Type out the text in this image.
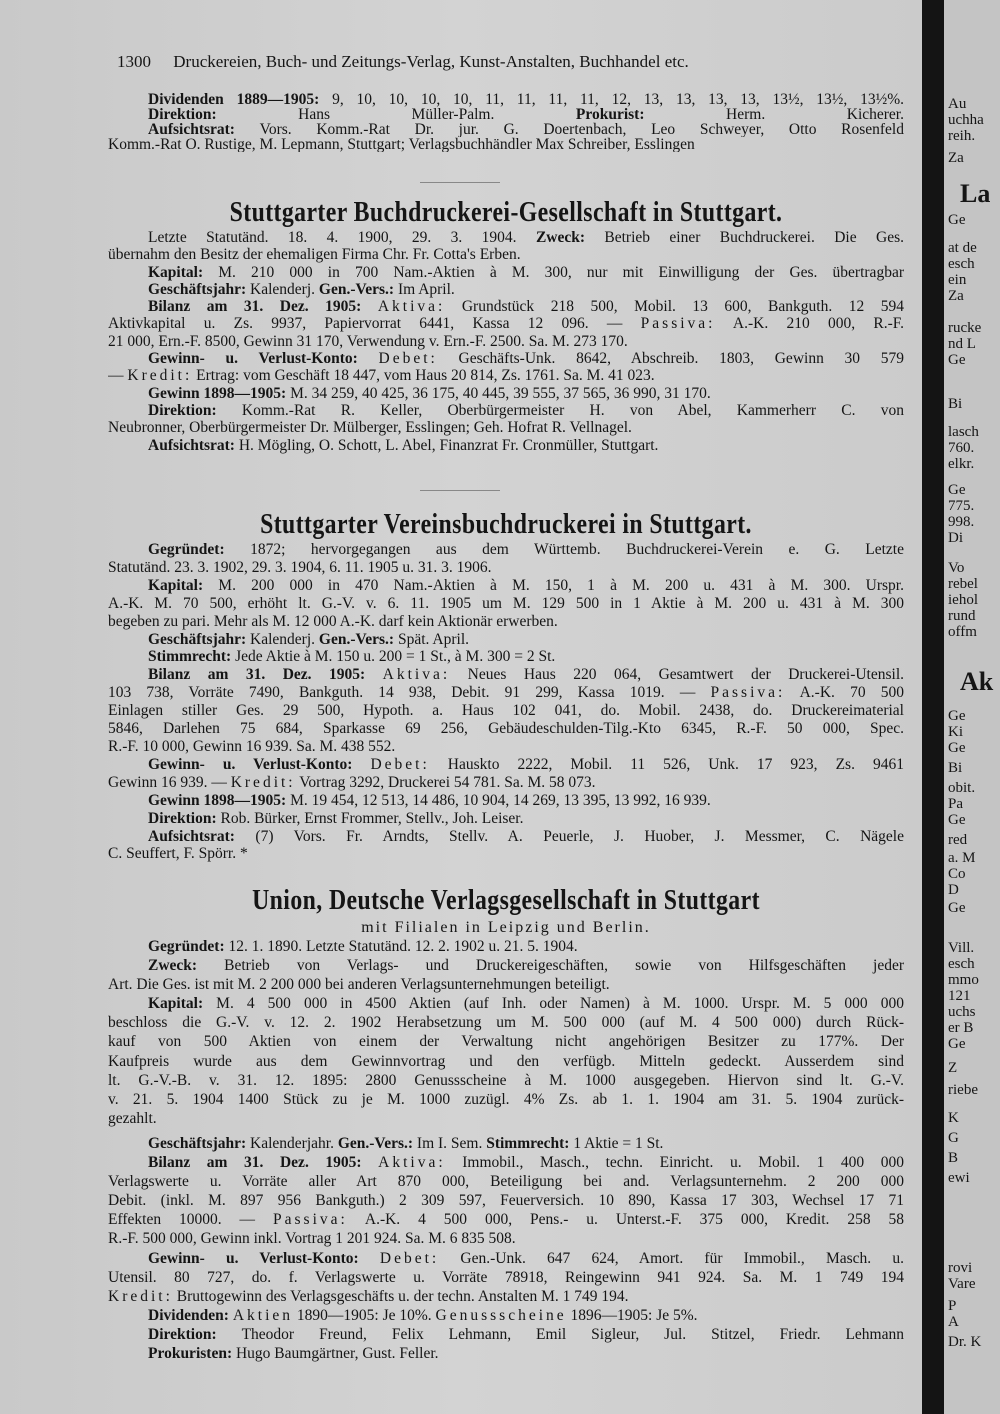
1300 Druckereien, Buch- und Zeitungs-Verlag, Kunst-Anstalten, Buchhandel etc.
Dividenden 1889—1905: 9, 10, 10, 10, 10, 11, 11, 11, 11, 12, 13, 13, 13, 13, 13½, 13½, 13½%.
Direktion: Hans Müller-Palm. Prokurist: Herm. Kicherer.
Aufsichtsrat: Vors. Komm.-Rat Dr. jur. G. Doertenbach, Leo Schweyer, Otto Rosenfeld
Komm.-Rat O. Rustige, M. Lepmann, Stuttgart; Verlagsbuchhändler Max Schreiber, Esslingen
Stuttgarter Buchdruckerei-Gesellschaft in Stuttgart.
Letzte Statutänd. 18. 4. 1900, 29. 3. 1904. Zweck: Betrieb einer Buchdruckerei. Die Ges.
übernahm den Besitz der ehemaligen Firma Chr. Fr. Cotta's Erben.
Kapital: M. 210 000 in 700 Nam.-Aktien à M. 300, nur mit Einwilligung der Ges. übertragbar
Geschäftsjahr: Kalenderj. Gen.-Vers.: Im April.
Bilanz am 31. Dez. 1905: Aktiva: Grundstück 218 500, Mobil. 13 600, Bankguth. 12 594
Aktivkapital u. Zs. 9937, Papiervorrat 6441, Kassa 12 096. — Passiva: A.-K. 210 000, R.-F.
21 000, Ern.-F. 8500, Gewinn 31 170, Verwendung v. Ern.-F. 2500. Sa. M. 273 170.
Gewinn- u. Verlust-Konto: Debet: Geschäfts-Unk. 8642, Abschreib. 1803, Gewinn 30 579
— Kredit: Ertrag: vom Geschäft 18 447, vom Haus 20 814, Zs. 1761. Sa. M. 41 023.
Gewinn 1898—1905: M. 34 259, 40 425, 36 175, 40 445, 39 555, 37 565, 36 990, 31 170.
Direktion: Komm.-Rat R. Keller, Oberbürgermeister H. von Abel, Kammerherr C. von
Neubronner, Oberbürgermeister Dr. Mülberger, Esslingen; Geh. Hofrat R. Vellnagel.
Aufsichtsrat: H. Mögling, O. Schott, L. Abel, Finanzrat Fr. Cronmüller, Stuttgart.
Stuttgarter Vereinsbuchdruckerei in Stuttgart.
Gegründet: 1872; hervorgegangen aus dem Württemb. Buchdruckerei-Verein e. G. Letzte
Statutänd. 23. 3. 1902, 29. 3. 1904, 6. 11. 1905 u. 31. 3. 1906.
Kapital: M. 200 000 in 470 Nam.-Aktien à M. 150, 1 à M. 200 u. 431 à M. 300. Urspr.
A.-K. M. 70 500, erhöht lt. G.-V. v. 6. 11. 1905 um M. 129 500 in 1 Aktie à M. 200 u. 431 à M. 300
begeben zu pari. Mehr als M. 12 000 A.-K. darf kein Aktionär erwerben.
Geschäftsjahr: Kalenderj. Gen.-Vers.: Spät. April.
Stimmrecht: Jede Aktie à M. 150 u. 200 = 1 St., à M. 300 = 2 St.
Bilanz am 31. Dez. 1905: Aktiva: Neues Haus 220 064, Gesamtwert der Druckerei-Utensil.
103 738, Vorräte 7490, Bankguth. 14 938, Debit. 91 299, Kassa 1019. — Passiva: A.-K. 70 500
Einlagen stiller Ges. 29 500, Hypoth. a. Haus 102 041, do. Mobil. 2438, do. Druckereimaterial
5846, Darlehen 75 684, Sparkasse 69 256, Gebäudeschulden-Tilg.-Kto 6345, R.-F. 50 000, Spec.
R.-F. 10 000, Gewinn 16 939. Sa. M. 438 552.
Gewinn- u. Verlust-Konto: Debet: Hauskto 2222, Mobil. 11 526, Unk. 17 923, Zs. 9461
Gewinn 16 939. — Kredit: Vortrag 3292, Druckerei 54 781. Sa. M. 58 073.
Gewinn 1898—1905: M. 19 454, 12 513, 14 486, 10 904, 14 269, 13 395, 13 992, 16 939.
Direktion: Rob. Bürker, Ernst Frommer, Stellv., Joh. Leiser.
Aufsichtsrat: (7) Vors. Fr. Arndts, Stellv. A. Peuerle, J. Huober, J. Messmer, C. Nägele
C. Seuffert, F. Spörr. *
Union, Deutsche Verlagsgesellschaft in Stuttgart
mit Filialen in Leipzig und Berlin.
Gegründet: 12. 1. 1890. Letzte Statutänd. 12. 2. 1902 u. 21. 5. 1904.
Zweck: Betrieb von Verlags- und Druckereigeschäften, sowie von Hilfsgeschäften jeder
Art. Die Ges. ist mit M. 2 200 000 bei anderen Verlagsunternehmungen beteiligt.
Kapital: M. 4 500 000 in 4500 Aktien (auf Inh. oder Namen) à M. 1000. Urspr. M. 5 000 000
beschloss die G.-V. v. 12. 2. 1902 Herabsetzung um M. 500 000 (auf M. 4 500 000) durch Rück-
kauf von 500 Aktien von einem der Verwaltung nicht angehörigen Besitzer zu 177%. Der
Kaufpreis wurde aus dem Gewinnvortrag und den verfügb. Mitteln gedeckt. Ausserdem sind
lt. G.-V.-B. v. 31. 12. 1895: 2800 Genussscheine à M. 1000 ausgegeben. Hiervon sind lt. G.-V.
v. 21. 5. 1904 1400 Stück zu je M. 1000 zuzügl. 4% Zs. ab 1. 1. 1904 am 31. 5. 1904 zurück-
gezahlt.
Geschäftsjahr: Kalenderjahr. Gen.-Vers.: Im I. Sem. Stimmrecht: 1 Aktie = 1 St.
Bilanz am 31. Dez. 1905: Aktiva: Immobil., Masch., techn. Einricht. u. Mobil. 1 400 000
Verlagswerte u. Vorräte aller Art 870 000, Beteiligung bei and. Verlagsunternehm. 2 200 000
Debit. (inkl. M. 897 956 Bankguth.) 2 309 597, Feuerversich. 10 890, Kassa 17 303, Wechsel 17 71
Effekten 10000. — Passiva: A.-K. 4 500 000, Pens.- u. Unterst.-F. 375 000, Kredit. 258 58
R.-F. 500 000, Gewinn inkl. Vortrag 1 201 924. Sa. M. 6 835 508.
Gewinn- u. Verlust-Konto: Debet: Gen.-Unk. 647 624, Amort. für Immobil., Masch. u.
Utensil. 80 727, do. f. Verlagswerte u. Vorräte 78918, Reingewinn 941 924. Sa. M. 1 749 194
Kredit: Bruttogewinn des Verlagsgeschäfts u. der techn. Anstalten M. 1 749 194.
Dividenden: Aktien 1890—1905: Je 10%. Genussscheine 1896—1905: Je 5%.
Direktion: Theodor Freund, Felix Lehmann, Emil Sigleur, Jul. Stitzel, Friedr. Lehmann
Prokuristen: Hugo Baumgärtner, Gust. Feller.
Au
uchha
reih.
Za
La
Ge
at de
esch
ein
Za
rucke
nd L
Ge
Bi
lasch
760.
elkr.
Ge
775.
998.
Di
Vo
rebel
iehol
rund
offm
Ak
Ge
Ki
Ge
Bi
obit.
Pa
Ge
red
a. M
Co
D
Ge
Vill.
esch
mmo
121
uchs
er B
Ge
Z
riebe
K
G
B
ewi
rovi
Vare
P
A
Dr. K
